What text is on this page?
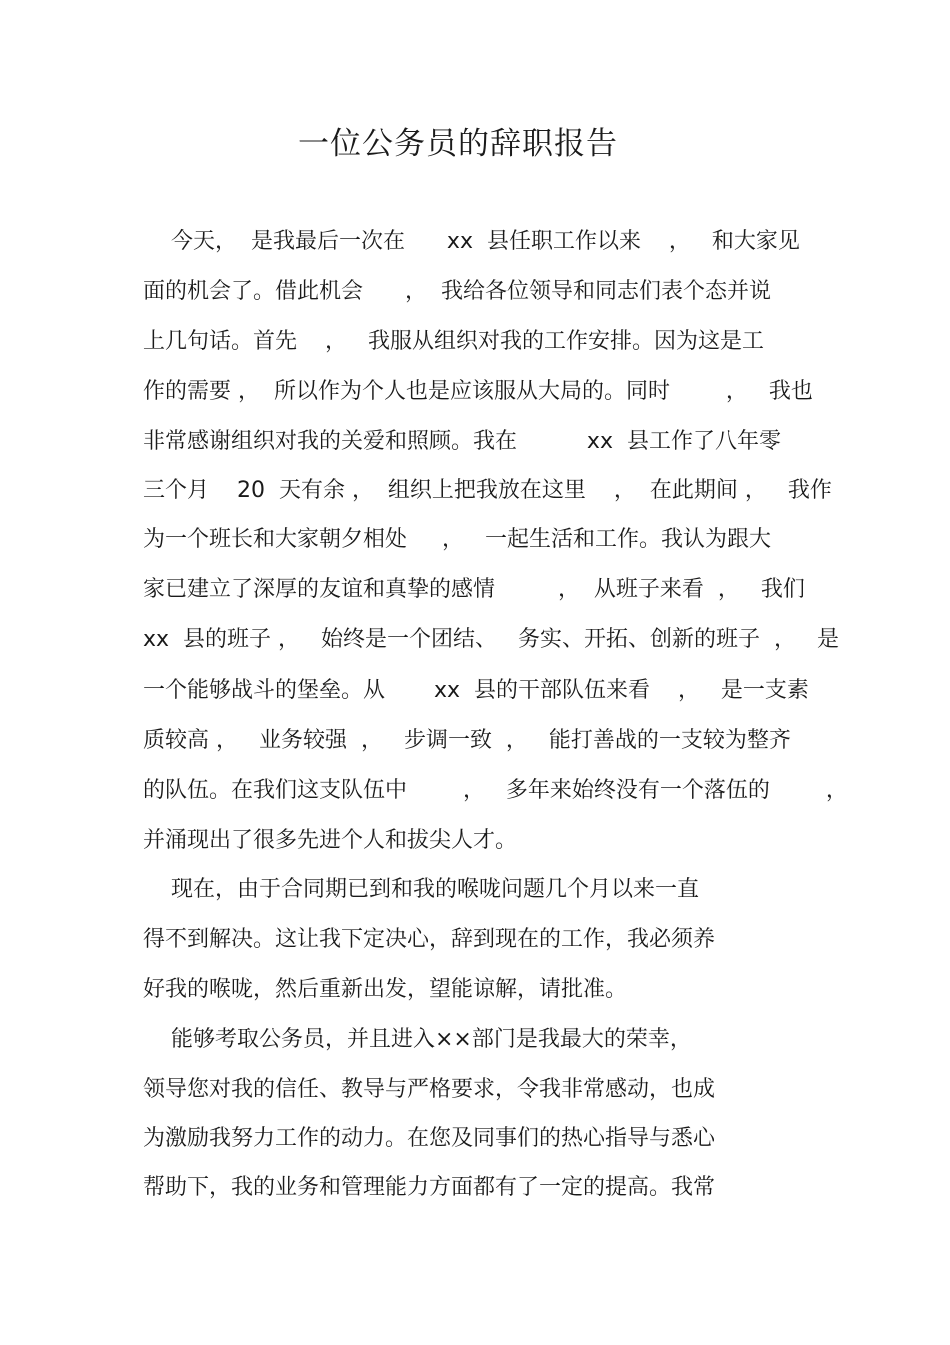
一位公务员的辞职报告
今天，  是我最后一次在      xx  县任职工作以来    ，   和大家见
面的机会了。借此机会      ，  我给各位领导和同志们表个态并说
上几句话。首先    ，   我服从组织对我的工作安排。因为这是工
作的需要 ，  所以作为个人也是应该服从大局的。同时        ，   我也
非常感谢组织对我的关爱和照顾。我在          xx  县工作了八年零
三个月    20  天有余 ，  组织上把我放在这里    ，  在此期间 ，   我作
为一个班长和大家朝夕相处     ，   一起生活和工作。我认为跟大
家已建立了深厚的友谊和真挚的感情         ，  从班子来看  ，   我们
xx  县的班子 ，   始终是一个团结、   务实、开拓、创新的班子  ，   是
一个能够战斗的堡垒。从       xx  县的干部队伍来看    ，   是一支素
质较高 ，   业务较强  ，   步调一致  ，   能打善战的一支较为整齐
的队伍。在我们这支队伍中        ，   多年来始终没有一个落伍的        ，
并涌现出了很多先进个人和拔尖人才。
现在，由于合同期已到和我的喉咙问题几个月以来一直
得不到解决。这让我下定决心，辞到现在的工作，我必须养
好我的喉咙，然后重新出发，望能谅解，请批准。
能够考取公务员，并且进入××部门是我最大的荣幸，
领导您对我的信任、教导与严格要求，令我非常感动，也成
为激励我努力工作的动力。在您及同事们的热心指导与悉心
帮助下，我的业务和管理能力方面都有了一定的提高。我常
